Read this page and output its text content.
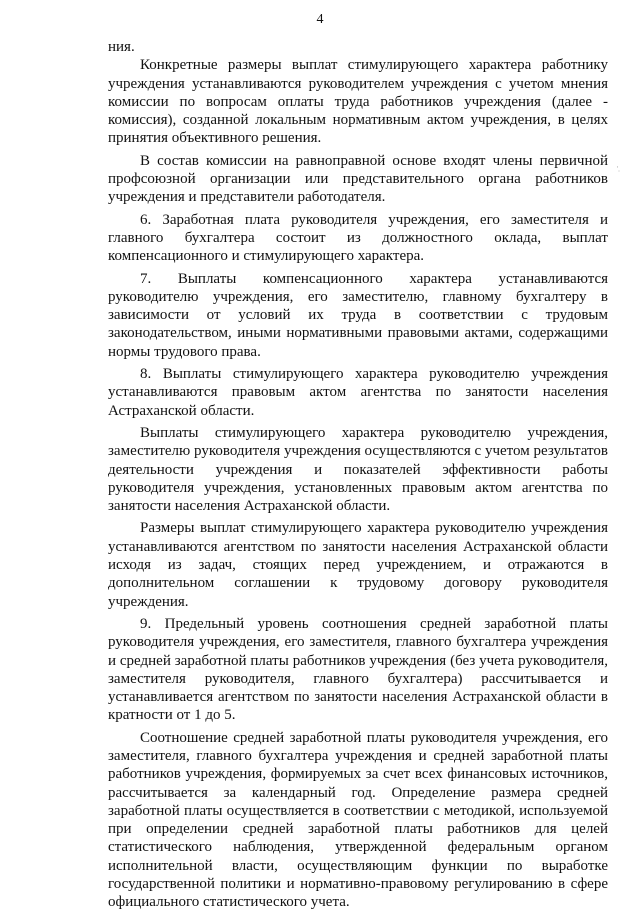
4

ния.

Конкретные размеры выплат стимулирующего характера работнику учреждения устанавливаются руководителем учреждения с учетом мнения комиссии по вопросам оплаты труда работников учреждения (далее - комиссия), созданной локальным нормативным актом учреждения, в целях принятия объективного решения.

В состав комиссии на равноправной основе входят члены первичной профсоюзной организации или представительного органа работников учреждения и представители работодателя.

6. Заработная плата руководителя учреждения, его заместителя и главного бухгалтера состоит из должностного оклада, выплат компенсационного и стимулирующего характера.

7. Выплаты компенсационного характера устанавливаются руководителю учреждения, его заместителю, главному бухгалтеру в зависимости от условий их труда в соответствии с трудовым законодательством, иными нормативными правовыми актами, содержащими нормы трудового права.

8. Выплаты стимулирующего характера руководителю учреждения устанавливаются правовым актом агентства по занятости населения Астраханской области.

Выплаты стимулирующего характера руководителю учреждения, заместителю руководителя учреждения осуществляются с учетом результатов деятельности учреждения и показателей эффективности работы руководителя учреждения, установленных правовым актом агентства по занятости населения Астраханской области.

Размеры выплат стимулирующего характера руководителю учреждения устанавливаются агентством по занятости населения Астраханской области исходя из задач, стоящих перед учреждением, и отражаются в дополнительном соглашении к трудовому договору руководителя учреждения.

9. Предельный уровень соотношения средней заработной платы руководителя учреждения, его заместителя, главного бухгалтера учреждения и средней заработной платы работников учреждения (без учета руководителя, заместителя руководителя, главного бухгалтера) рассчитывается и устанавливается агентством по занятости населения Астраханской области в кратности от 1 до 5.

Соотношение средней заработной платы руководителя учреждения, его заместителя, главного бухгалтера учреждения и средней заработной платы работников учреждения, формируемых за счет всех финансовых источников, рассчитывается за календарный год. Определение размера средней заработной платы осуществляется в соответствии с методикой, используемой при определении средней заработной платы работников для целей статистического наблюдения, утвержденной федеральным органом исполнительной власти, осуществляющим функции по выработке государственной политики и нормативно-правовому регулированию в сфере официального статистического учета.

·̣
